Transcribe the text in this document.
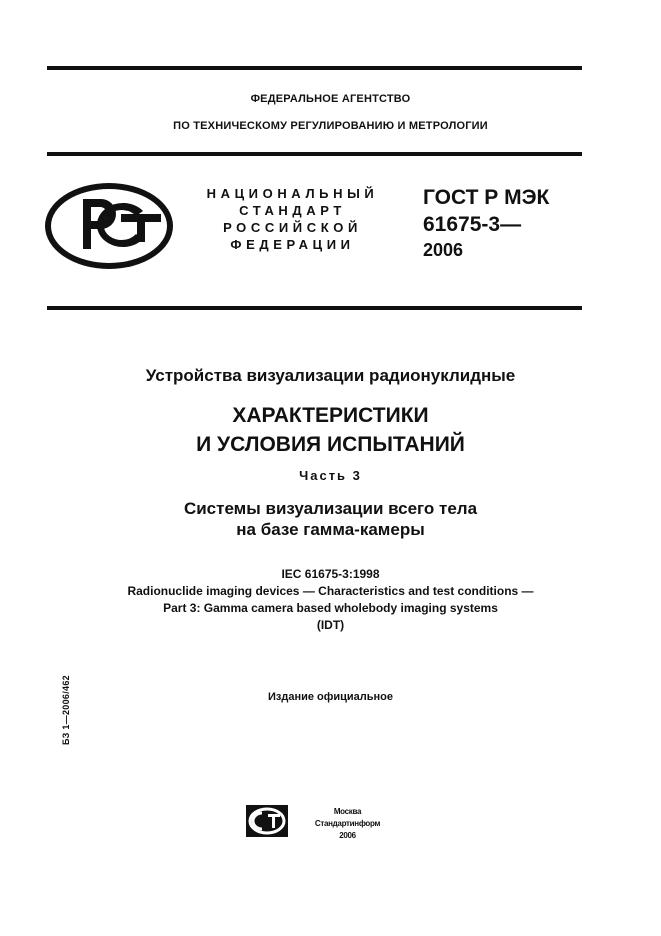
ФЕДЕРАЛЬНОЕ АГЕНТСТВО
ПО ТЕХНИЧЕСКОМУ РЕГУЛИРОВАНИЮ И МЕТРОЛОГИИ
НАЦИОНАЛЬНЫЙ
СТАНДАРТ
РОССИЙСКОЙ
ФЕДЕРАЦИИ
ГОСТ Р МЭК
61675-3—
2006
Устройства визуализации радионуклидные
ХАРАКТЕРИСТИКИ
И УСЛОВИЯ ИСПЫТАНИЙ
Часть 3
Системы визуализации всего тела
на базе гамма-камеры
IEC 61675-3:1998
Radionuclide imaging devices — Characteristics and test conditions —
Part 3: Gamma camera based wholebody imaging systems
(IDT)
Издание официальное
БЗ 1—2006/462
Москва
Стандартинформ
2006
